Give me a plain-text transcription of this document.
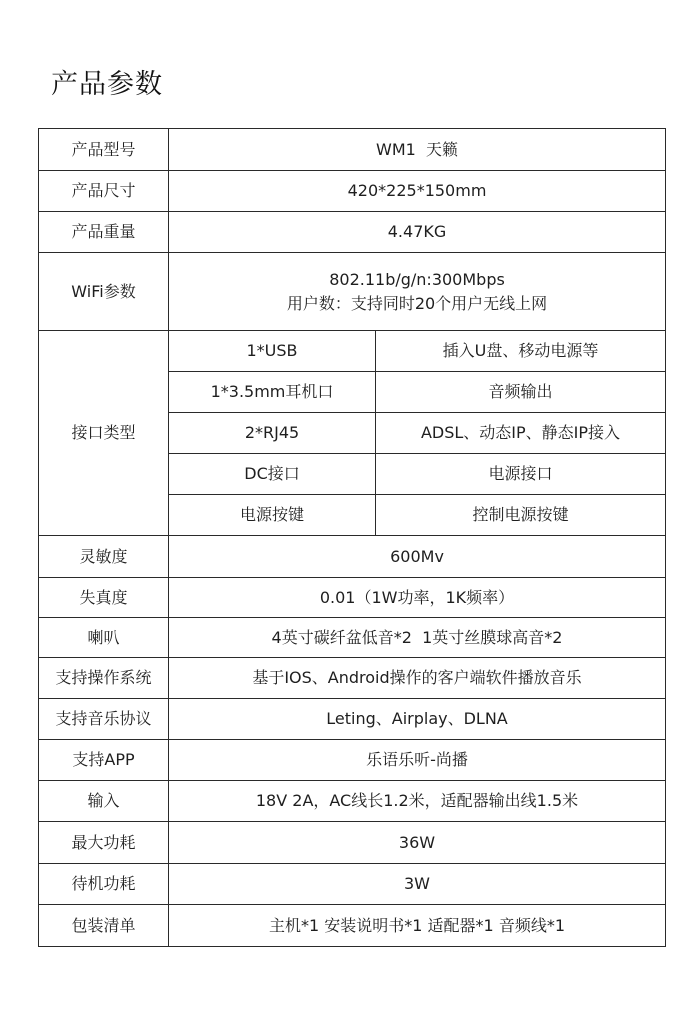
产品参数
产品型号	WM1  天籁	
产品尺寸	420*225*150mm	
产品重量	4.47KG	
WiFi参数	802.11b/g/n:300Mbps
用户数：支持同时20个用户无线上网	

接口类型	1*USB	插入U盘、移动电源等
	1*3.5mm耳机口	音频输出
	2*RJ45	ADSL、动态IP、静态IP接入
	DC接口	电源接口
	电源按键	控制电源按键
灵敏度	600Mv	
失真度	0.01（1W功率，1K频率）	
喇叭	4英寸碳纤盆低音*2  1英寸丝膜球高音*2	
支持操作系统	基于IOS、Android操作的客户端软件播放音乐	
支持音乐协议	Leting、Airplay、DLNA	
支持APP	乐语乐听-尚播	
输入	18V 2A，AC线长1.2米，适配器输出线1.5米	
最大功耗	36W	
待机功耗	3W	
包装清单	主机*1 安装说明书*1 适配器*1 音频线*1	
